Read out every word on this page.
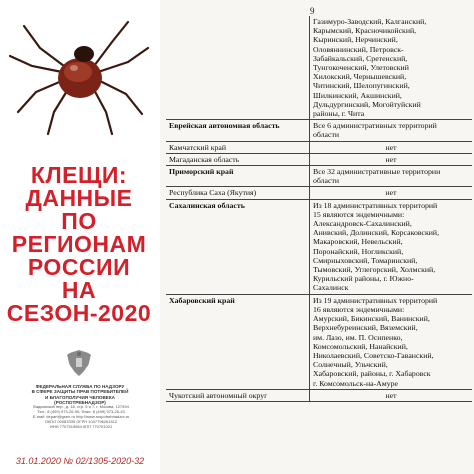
КЛЕЩИ:
ДАННЫЕ
ПО
РЕГИОНАМ
РОССИИ
НА
СЕЗОН-2020
ФЕДЕРАЛЬНАЯ СЛУЖБА ПО НАДЗОРУ
В СФЕРЕ ЗАЩИТЫ ПРАВ ПОТРЕБИТЕЛЕЙ
И БЛАГОПОЛУЧИЯ ЧЕЛОВЕКА
(РОСПОТРЕБНАДЗОР)
Вадковский пер., д. 18, стр. 5 и 7, г. Москва, 127994
Тел.: 8 (499) 973-26-90; Факс: 8 (499) 973-26-43
E-mail: depart@gsen.ru http://www.rospotrebnadzor.ru
ОКПО 00083339 ОГРН 1047796261512
ИНН 7707515984 КПП 770701001
31.01.2020 № 02/1305-2020-32
9
Газимуро-Заводский, Калганский,
Карымский, Красночикойский,
Кыринский, Нерчинский,
Оловяннинский, Петровск-
Забайкальский, Сретенский,
Тунгокоченский, Улетовский
Хилокский, Чернышевский,
Читинский, Шелопугинский,
Шилкинский, Акшинский,
Дульдургинский, Могойтуйский
районы, г. Чита
Еврейская автономная область	Все 6 административных территорий
области
Камчатский край	нет
Магаданская область	нет
Приморский край	Все 32 административные территории
области
Республика Саха (Якутия)	нет
Сахалинская область	Из 18 административных территорий
15 являются эндемичными:
Александровск-Сахалинский,
Анивский, Долинский, Корсаковский,
Макаровский, Невельский,
Поронайский, Ногликский,
Смирныховский, Томаринский,
Тымовский, Углегорский, Холмский,
Курильский районы, г. Южно-
Сахалинск
Хабаровский край	Из 19 административных территорий
16 являются эндемичными:
Амурский, Бикинский, Ванинский,
Верхнебуреинский, Вяземский,
им. Лазо, им. П. Осипенко,
Комсомольский, Нанайский,
Николаевский, Советско-Гаванский,
Солнечный, Ульчский,
Хабаровский, районы, г. Хабаровск
г. Комсомольск-на-Амуре
Чукотский автономный округ	нет
